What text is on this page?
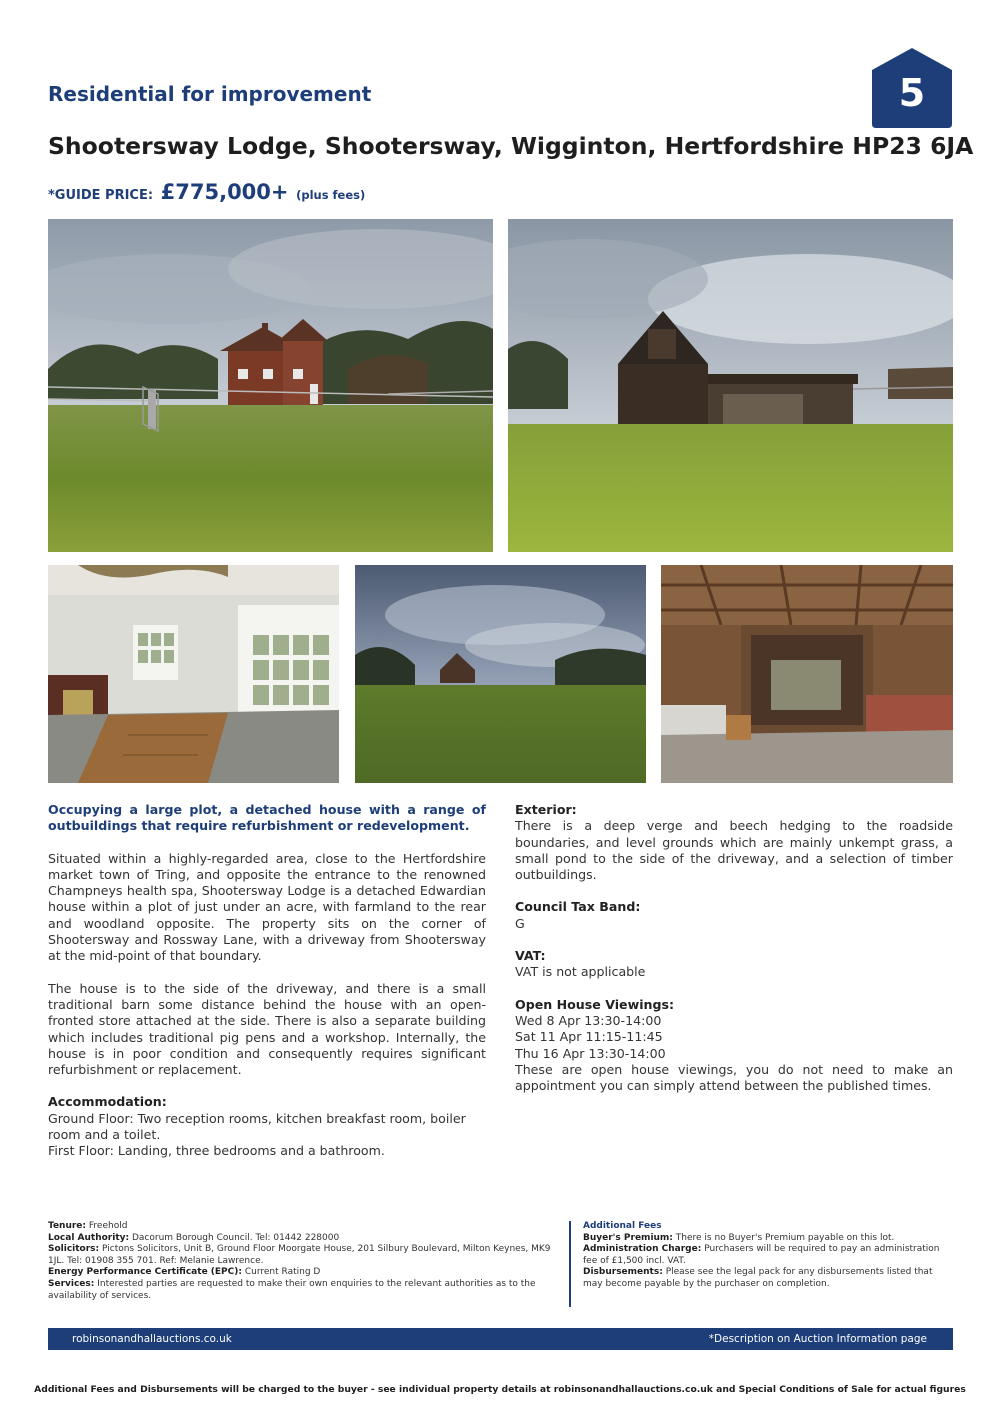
Residential for improvement	5
Shootersway Lodge, Shootersway, Wigginton, Hertfordshire HP23 6JA
*GUIDE PRICE: £775,000+ (plus fees)
Occupying a large plot, a detached house with a range of outbuildings that require refurbishment or redevelopment.
Situated within a highly-regarded area, close to the Hertfordshire market town of Tring, and opposite the entrance to the renowned Champneys health spa, Shootersway Lodge is a detached Edwardian house within a plot of just under an acre, with farmland to the rear and woodland opposite. The property sits on the corner of Shootersway and Rossway Lane, with a driveway from Shootersway at the mid-point of that boundary.
The house is to the side of the driveway, and there is a small traditional barn some distance behind the house with an open-fronted store attached at the side. There is also a separate building which includes traditional pig pens and a workshop. Internally, the house is in poor condition and consequently requires significant refurbishment or replacement.
Accommodation:
Ground Floor: Two reception rooms, kitchen breakfast room, boiler room and a toilet.
First Floor: Landing, three bedrooms and a bathroom.
Exterior:
There is a deep verge and beech hedging to the roadside boundaries, and level grounds which are mainly unkempt grass, a small pond to the side of the driveway, and a selection of timber outbuildings.
Council Tax Band:
G
VAT:
VAT is not applicable
Open House Viewings:
Wed 8 Apr 13:30-14:00
Sat 11 Apr 11:15-11:45
Thu 16 Apr 13:30-14:00
These are open house viewings, you do not need to make an appointment you can simply attend between the published times.
Tenure: Freehold
Local Authority: Dacorum Borough Council. Tel: 01442 228000
Solicitors: Pictons Solicitors, Unit B, Ground Floor Moorgate House, 201 Silbury Boulevard, Milton Keynes, MK9 1JL. Tel: 01908 355 701. Ref: Melanie Lawrence.
Energy Performance Certificate (EPC): Current Rating D
Services: Interested parties are requested to make their own enquiries to the relevant authorities as to the availability of services.
Additional Fees
Buyer's Premium: There is no Buyer's Premium payable on this lot.
Administration Charge: Purchasers will be required to pay an administration fee of £1,500 incl. VAT.
Disbursements: Please see the legal pack for any disbursements listed that may become payable by the purchaser on completion.
robinsonandhallauctions.co.uk	*Description on Auction Information page
Additional Fees and Disbursements will be charged to the buyer - see individual property details at robinsonandhallauctions.co.uk and Special Conditions of Sale for actual figures
